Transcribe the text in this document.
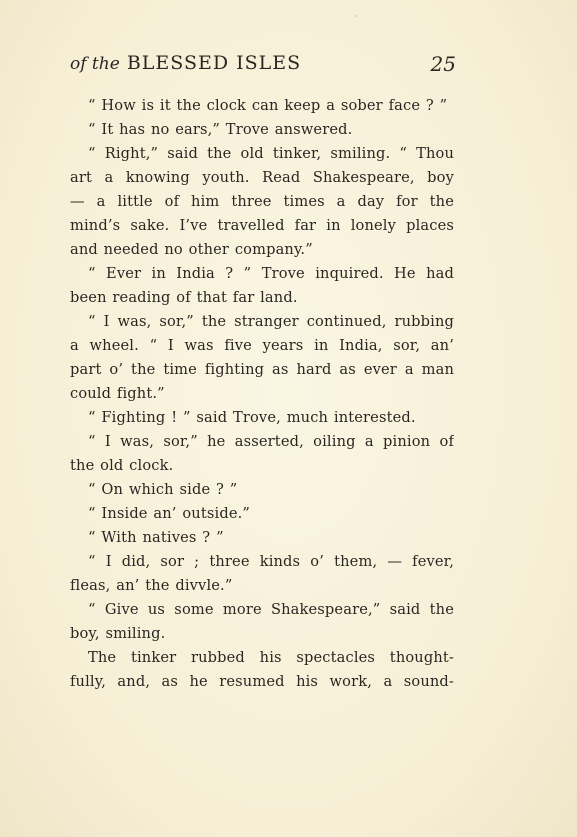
of the BLESSED ISLES	25
“ How is it the clock can keep a sober face ? ”
“ It has no ears,” Trove answered.
“ Right,” said the old tinker, smiling. “ Thou
art a knowing youth. Read Shakespeare, boy
— a little of him three times a day for the
mind’s sake. I’ve travelled far in lonely places
and needed no other company.”
“ Ever in India ? ” Trove inquired. He had
been reading of that far land.
“ I was, sor,” the stranger continued, rubbing
a wheel. “ I was five years in India, sor, an’
part o’ the time fighting as hard as ever a man
could fight.”
“ Fighting ! ” said Trove, much interested.
“ I was, sor,” he asserted, oiling a pinion of
the old clock.
“ On which side ? ”
“ Inside an’ outside.”
“ With natives ? ”
“ I did, sor ; three kinds o’ them, — fever,
fleas, an’ the divvle.”
“ Give us some more Shakespeare,” said the
boy, smiling.
The tinker rubbed his spectacles thought-
fully, and, as he resumed his work, a sound-
